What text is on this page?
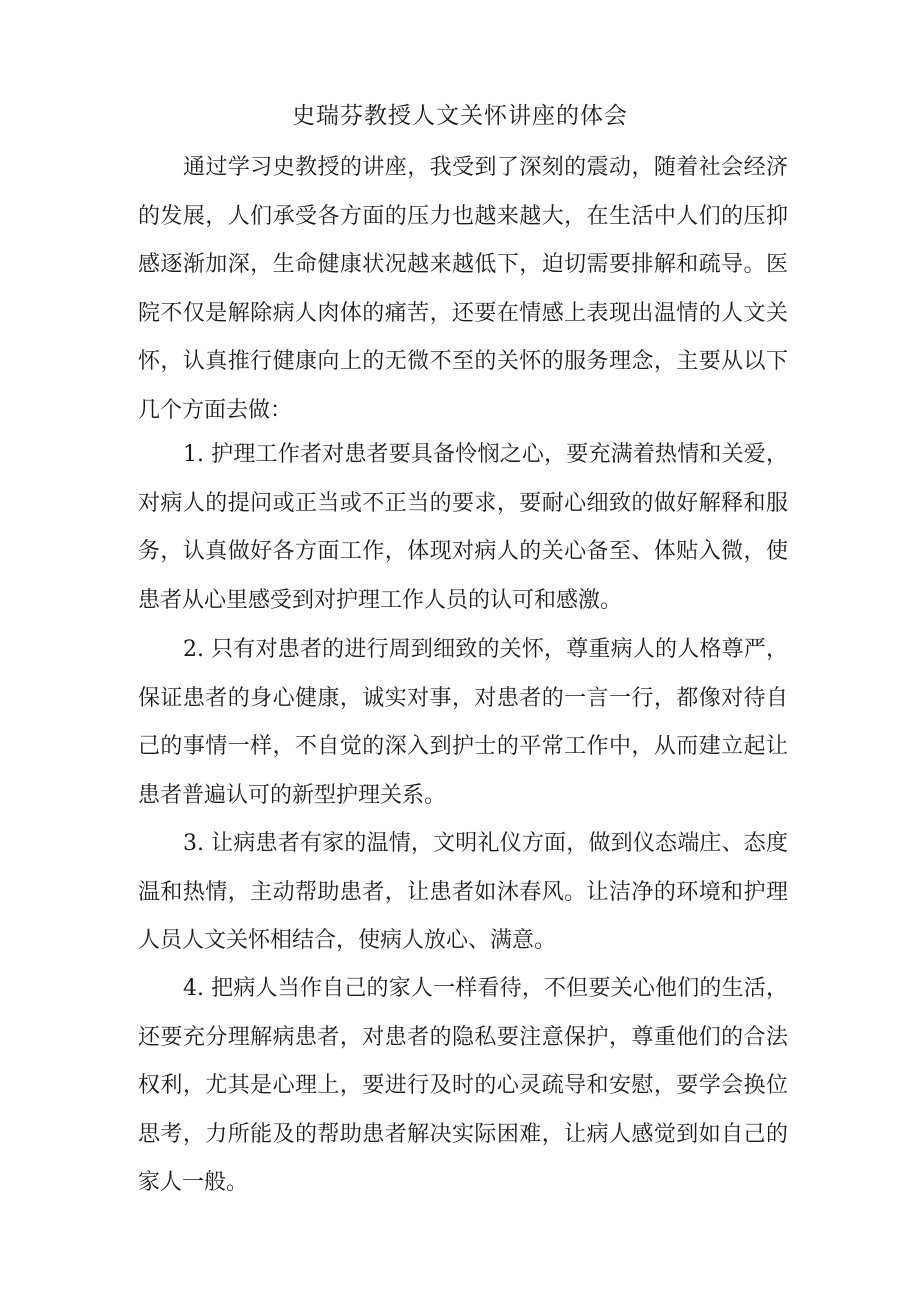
史瑞芬教授人文关怀讲座的体会

通过学习史教授的讲座，我受到了深刻的震动，随着社会经济的发展，人们承受各方面的压力也越来越大，在生活中人们的压抑感逐渐加深，生命健康状况越来越低下，迫切需要排解和疏导。医院不仅是解除病人肉体的痛苦，还要在情感上表现出温情的人文关怀，认真推行健康向上的无微不至的关怀的服务理念，主要从以下几个方面去做：

1. 护理工作者对患者要具备怜悯之心，要充满着热情和关爱，对病人的提问或正当或不正当的要求，要耐心细致的做好解释和服务，认真做好各方面工作，体现对病人的关心备至、体贴入微，使患者从心里感受到对护理工作人员的认可和感激。

2. 只有对患者的进行周到细致的关怀，尊重病人的人格尊严，保证患者的身心健康，诚实对事，对患者的一言一行，都像对待自己的事情一样，不自觉的深入到护士的平常工作中，从而建立起让患者普遍认可的新型护理关系。

3. 让病患者有家的温情，文明礼仪方面，做到仪态端庄、态度温和热情，主动帮助患者，让患者如沐春风。让洁净的环境和护理人员人文关怀相结合，使病人放心、满意。

4. 把病人当作自己的家人一样看待，不但要关心他们的生活，还要充分理解病患者，对患者的隐私要注意保护，尊重他们的合法权利，尤其是心理上，要进行及时的心灵疏导和安慰，要学会换位思考，力所能及的帮助患者解决实际困难，让病人感觉到如自己的家人一般。
